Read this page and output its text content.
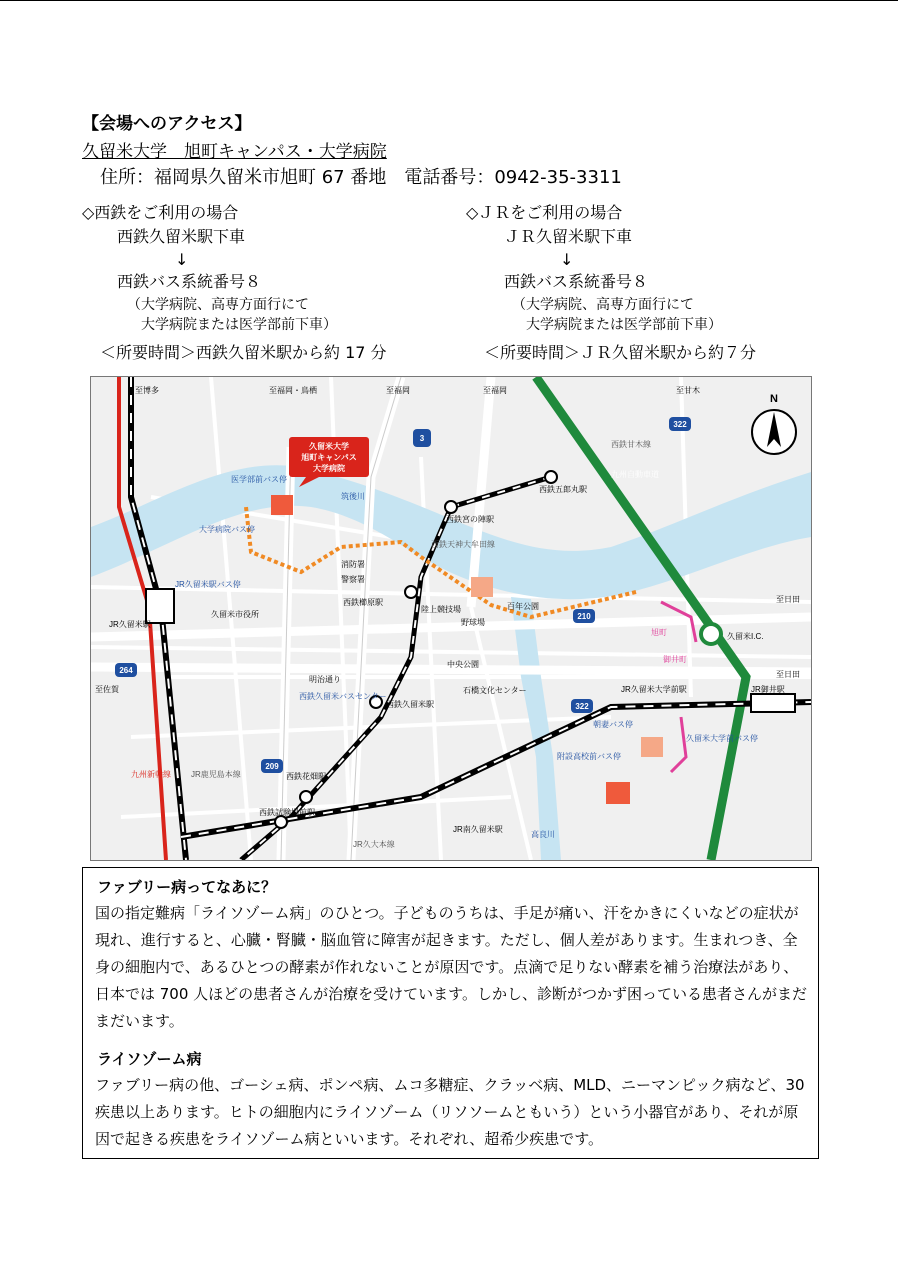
【会場へのアクセス】
久留米大学　旭町キャンパス・大学病院
住所：福岡県久留米市旭町 67 番地　電話番号：0942-35-3311
◇西鉄をご利用の場合
西鉄久留米駅下車
↓
西鉄バス系統番号８
（大学病院、高専方面行にて
大学病院または医学部前下車）
＜所要時間＞西鉄久留米駅から約 17 分
◇ＪＲをご利用の場合
ＪＲ久留米駅下車
↓
西鉄バス系統番号８
（大学病院、高専方面行にて
大学病院または医学部前下車）
＜所要時間＞ＪＲ久留米駅から約７分
久留米大学旭町キャンパス大学病院
3
322
322
210
264
209
N
至博多	至福岡・鳥栖	至福岡	至福岡	至甘木
至日田
至日田
至佐賀
筑後川
医学部前バス停
大学病院バス停
JR久留米駅バス停
JR久留米駅
久留米市役所
消防署
警察署
西鉄櫛原駅
西鉄宮の陣駅
西鉄五郎丸駅
西鉄天神大牟田線
西鉄甘木線
九州自動車道
陸上競技場
野球場
百年公園
中央公園
石橋文化センター
明治通り
西鉄久留米バスセンター
西鉄久留米駅
旭町
御井町
久留米I.C.
JR久留米大学前駅	JR御井駅
朝妻バス停
久留米大学前バス停
附設高校前バス停
西鉄花畑駅
西鉄試験場前駅
JR南久留米駅
JR鹿児島本線
九州新幹線
JR久大本線
高良川
ファブリー病ってなあに？
国の指定難病「ライソゾーム病」のひとつ。子どものうちは、手足が痛い、汗をかきにくいなどの症状が現れ、進行すると、心臓・腎臓・脳血管に障害が起きます。ただし、個人差があります。生まれつき、全身の細胞内で、あるひとつの酵素が作れないことが原因です。点滴で足りない酵素を補う治療法があり、日本では 700 人ほどの患者さんが治療を受けています。しかし、診断がつかず困っている患者さんがまだまだいます。
ライソゾーム病
ファブリー病の他、ゴーシェ病、ポンペ病、ムコ多糖症、クラッベ病、MLD、ニーマンピック病など、30 疾患以上あります。ヒトの細胞内にライソゾーム（リソソームともいう）という小器官があり、それが原因で起きる疾患をライソゾーム病といいます。それぞれ、超希少疾患です。
